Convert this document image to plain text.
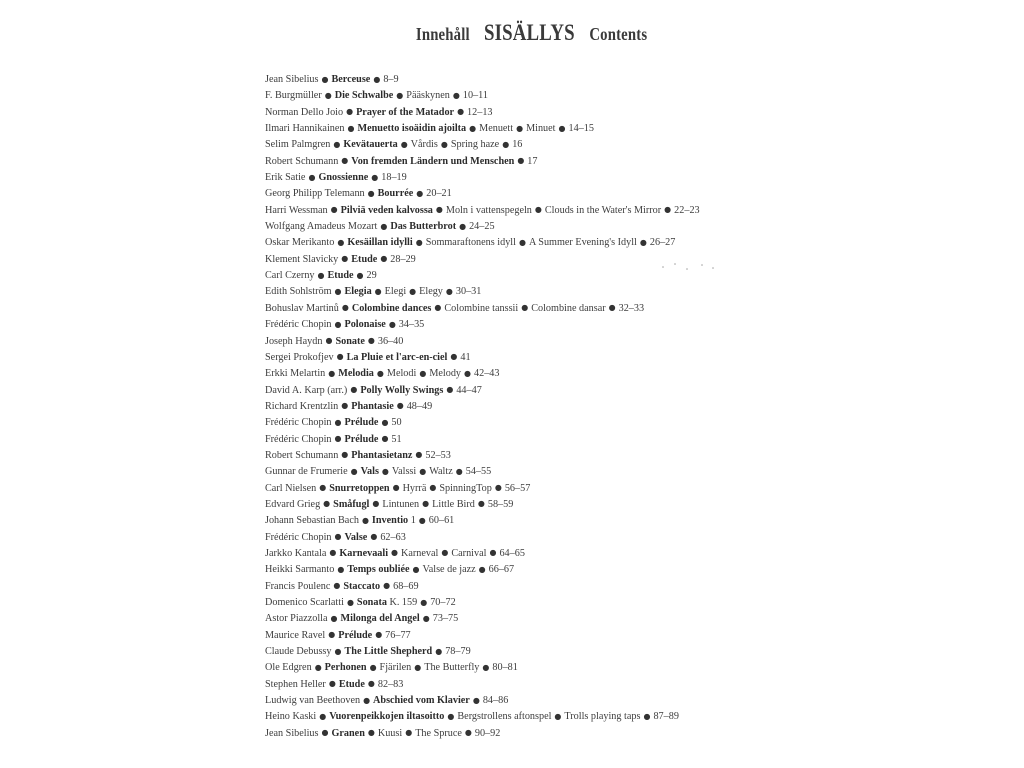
Innehåll SISÄLLYS Contents
Jean Sibelius ● Berceuse ● 8–9
F. Burgmüller ● Die Schwalbe ● Pääskynen ● 10–11
Norman Dello Joio ● Prayer of the Matador ● 12–13
Ilmari Hannikainen ● Menuetto isoäidin ajoilta ● Menuett ● Minuet ● 14–15
Selim Palmgren ● Kevätauerta ● Vårdis ● Spring haze ● 16
Robert Schumann ● Von fremden Ländern und Menschen ● 17
Erik Satie ● Gnossienne ● 18–19
Georg Philipp Telemann ● Bourrée ● 20–21
Harri Wessman ● Pilviä veden kalvossa ● Moln i vattenspegeln ● Clouds in the Water's Mirror ● 22–23
Wolfgang Amadeus Mozart ● Das Butterbrot ● 24–25
Oskar Merikanto ● Kesäillan idylli ● Sommaraftonens idyll ● A Summer Evening's Idyll ● 26–27
Klement Slavicky ● Etude ● 28–29
Carl Czerny ● Etude ● 29
Edith Sohlström ● Elegia ● Elegi ● Elegy ● 30–31
Bohuslav Martinů ● Colombine dances ● Colombine tanssii ● Colombine dansar ● 32–33
Frédéric Chopin ● Polonaise ● 34–35
Joseph Haydn ● Sonate ● 36–40
Sergei Prokofjev ● La Pluie et l'arc-en-ciel ● 41
Erkki Melartin ● Melodia ● Melodi ● Melody ● 42–43
David A. Karp (arr.) ● Polly Wolly Swings ● 44–47
Richard Krentzlin ● Phantasie ● 48–49
Frédéric Chopin ● Prélude ● 50
Frédéric Chopin ● Prélude ● 51
Robert Schumann ● Phantasietanz ● 52–53
Gunnar de Frumerie ● Vals ● Valssi ● Waltz ● 54–55
Carl Nielsen ● Snurretoppen ● Hyrrä ● SpinningTop ● 56–57
Edvard Grieg ● Småfugl ● Lintunen ● Little Bird ● 58–59
Johann Sebastian Bach ● Inventio 1 ● 60–61
Frédéric Chopin ● Valse ● 62–63
Jarkko Kantala ● Karnevaali ● Karneval ● Carnival ● 64–65
Heikki Sarmanto ● Temps oubliée ● Valse de jazz ● 66–67
Francis Poulenc ● Staccato ● 68–69
Domenico Scarlatti ● Sonata K. 159 ● 70–72
Astor Piazzolla ● Milonga del Angel ● 73–75
Maurice Ravel ● Prélude ● 76–77
Claude Debussy ● The Little Shepherd ● 78–79
Ole Edgren ● Perhonen ● Fjärilen ● The Butterfly ● 80–81
Stephen Heller ● Etude ● 82–83
Ludwig van Beethoven ● Abschied vom Klavier ● 84–86
Heino Kaski ● Vuorenpeikkojen iltasoitto ● Bergstrollens aftonspel ● Trolls playing taps ● 87–89
Jean Sibelius ● Granen ● Kuusi ● The Spruce ● 90–92
